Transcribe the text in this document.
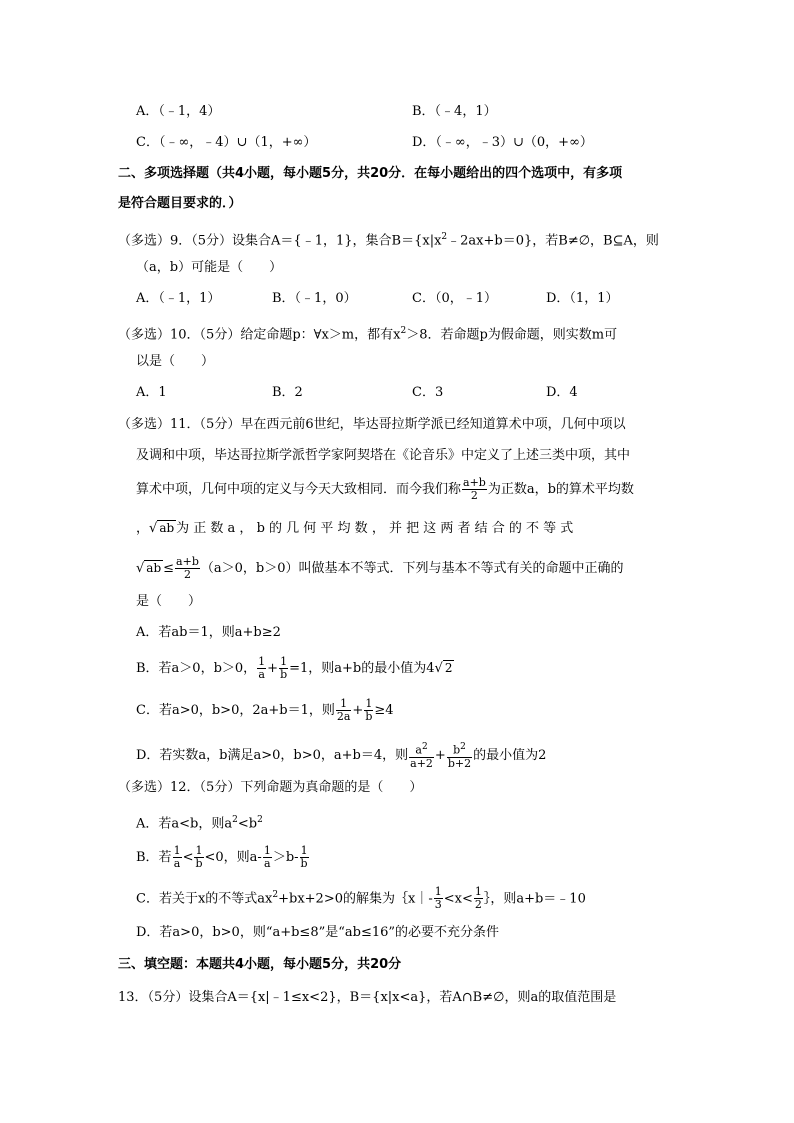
A．（﹣1，4）	B．（﹣4，1）
C．（﹣∞，﹣4）∪（1，+∞）	D．（﹣∞，﹣3）∪（0，+∞）
二、多项选择题（共4小题，每小题5分，共20分．在每小题给出的四个选项中，有多项
是符合题目要求的．）
（多选）9．（5分）设集合A＝{﹣1，1}，集合$B=\{x|x^2﹣2ax+b=0\}$，若B≠∅，B⊆A，则
（a，b）可能是（　　）
A．（﹣1，1）	B．（﹣1，0）	C．（0，﹣1）	D．（1，1）
（多选）10．（5分）给定命题p：∀x＞m，都有$x^2>8$．若命题p为假命题，则实数m可
以是（　　）
A．1	B．2	C．3	D．4
（多选）11．（5分）早在西元前6世纪，毕达哥拉斯学派已经知道算术中项，几何中项以
及调和中项，毕达哥拉斯学派哲学家阿契塔在《论音乐》中定义了上述三类中项，其中
算术中项，几何中项的定义与今天大致相同．而今我们称 $\frac{a+b}{2}$ 为正数a，b的算术平均数
，√ ab 为 正 数 a ， b 的 几 何 平 均 数 ， 并 把 这 两 者 结 合 的 不 等 式
√ ab ≤ $\frac{a+b}{2} (a>0$，b＞0）叫做基本不等式．下列与基本不等式有关的命题中正确的
是（　　）
A．若ab＝1，则a+b≥2
B．若a＞0，b＞0， $\frac{1}{a} + \frac{1}{b} =1$，则a+b的最小值为4√ 2
C．若a>0，b>0，2a+b＝1，则 $\frac{1}{2a} + \frac{1}{b} \ge 4$
D．若实数a，b满足a>0，b>0，a+b＝4，则 $\frac{a^2}{a+2} + \frac{b^2}{b+2}$ 的最小值为2
（多选）12．（5分）下列命题为真命题的是（　　）
A．若a<b，则$a^2<b^2$
B．若 $\frac{1}{a} < \frac{1}{b} <0$，则$a- \frac{1}{a} >b- \frac{1}{b}$
C．若关于x的不等式$ax^2+bx+2>0$的解集为｛x｜- $\frac{1}{3} <x< \frac{1}{2}$ ｝，则a+b＝﹣10
D．若a>0，b>0，则“a+b≤8”是“ab≤16”的必要不充分条件
三、填空题：本题共4小题，每小题5分，共20分
13．（5分）设集合A＝{x|﹣1≤x<2}，B＝{x|x<a}，若A∩B≠∅，则a的取值范围是
